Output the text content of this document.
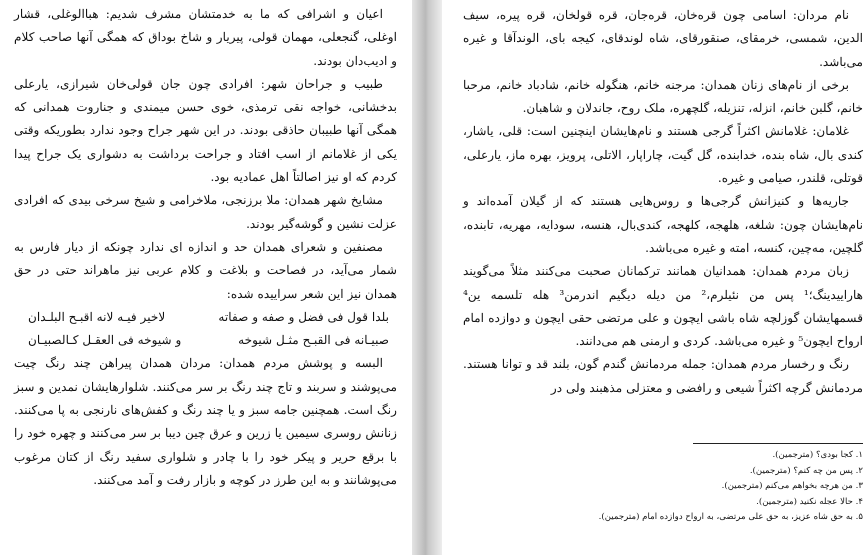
اعیان و اشرافی که ما به خدمتشان مشرف شدیم: هباالوغلی، قشار اوغلی، گنجعلی، مهمان قولی، پیریار و شاخ بوداق که همگی آنها صاحب کلام و ادیب‌دان بودند.

طبیب و جراحان شهر: افرادی چون جان قولی‌خان شیرازی، یارعلی بدخشانی، خواجه نقی ترمذی، خوی حسن میمندی و جناروت همدانی که همگی آنها طبیبان حاذقی بودند. در این شهر جراح وجود ندارد بطوریکه وقتی یکی از غلامانم از اسب افتاد و جراحت برداشت به دشواری یک جراح پیدا کردم که او نیز اصالتاً اهل عمادیه بود.

مشایخ شهر همدان: ملا برزنجی، ملاخرامی و شیخ سرخی بیدی که افرادی عزلت نشین و گوشه‌گیر بودند.

مصنفین و شعرای همدان حد و اندازه ای ندارد چونکه از دیار فارس به شمار می‌آید، در فصاحت و بلاغت و کلام عربی نیز ماهراند حتی در حق همدان نیز این شعر سراییده شده:

بلدا قول فی فضل و صفه و صفاته
لاخیر فیـه لانه اقبـح البلـدان
صبیـانه فی القبـح مثـل شیوخه
و شیوخه فی العقـل کـالصبیـان

البسه و پوشش مردم همدان: مردان همدان پیراهن چند رنگ چیت می‌پوشند و سربند و تاج چند رنگ بر سر می‌کنند. شلوارهایشان نمدین و سبز رنگ است. همچنین جامه سبز و یا چند رنگ و کفش‌های نارنجی به پا می‌کنند. زنانش روسری سیمین یا زرین و عرق چین دیبا بر سر می‌کنند و چهره خود را با برقع حریر و پیکر خود را با چادر و شلواری سفید رنگ از کتان مرغوب می‌پوشانند و به این طرز در کوچه و بازار رفت و آمد می‌کنند.

نام مردان: اسامی چون قره‌خان، قره‌جان، قره قولخان، قره پیره، سیف الدین، شمسی، خرمقای، صنقورقای، شاه لوندقای، کیجه بای، الوندآقا و غیره می‌باشد.

برخی از نام‌های زنان همدان: مرجنه خانم، هنگوله خانم، شادباد خانم، مرحبا خانم، گلبن خانم، انزله، تنزیله، گلچهره، ملک روح، جاندلان و شاهبان.

غلامان: غلامانش اکثراً گرجی هستند و نام‌هایشان اینچنین است: قلی، یاشار، کندی بال، شاه بنده، خدابنده، گل گیت، چاراپار، الاتلی، پرویز، بهره ماز، یارعلی، قوتلی، قلندر، صیامی و غیره.

جاریه‌ها و کنیزانش گرجی‌ها و روس‌هایی هستند که از گیلان آمده‌اند و نام‌هایشان چون: شلغه، هلهجه، کلهجه، کندی‌بال، هنسه، سودایه، مهریه، تابنده، گلچین، مه‌چین، کنسه، امته و غیره می‌باشد.

زبان مردم همدان: همدانیان همانند ترکمانان صحبت می‌کنند مثلاً می‌گویند هاراییدینگ؛¹ پس من نئیلرم،² من دیله دیگیم اندرمن³ هله تلسمه ین⁴ قسمهایشان گوزلچه شاه باشی ایچون و علی مرتضی حقی ایچون و دوازده امام ارواح ایچون⁵ و غیره می‌باشد. کردی و ارمنی هم می‌دانند.

رنگ و رخسار مردم همدان: جمله مردمانش گندم گون، بلند قد و توانا هستند. مردمانش گرچه اکثراً شیعی و رافضی و معتزلی مذهبند ولی در

۱. کجا بودی؟ (مترجمین).

۲. پس من چه کنم؟ (مترجمین).

۳. من هرچه بخواهم می‌کنم (مترجمین).

۴. حالا عجله نکنید (مترجمین).

۵. به حق شاه عزیز، به حق علی مرتضی، به ارواح دوازده امام (مترجمین).
